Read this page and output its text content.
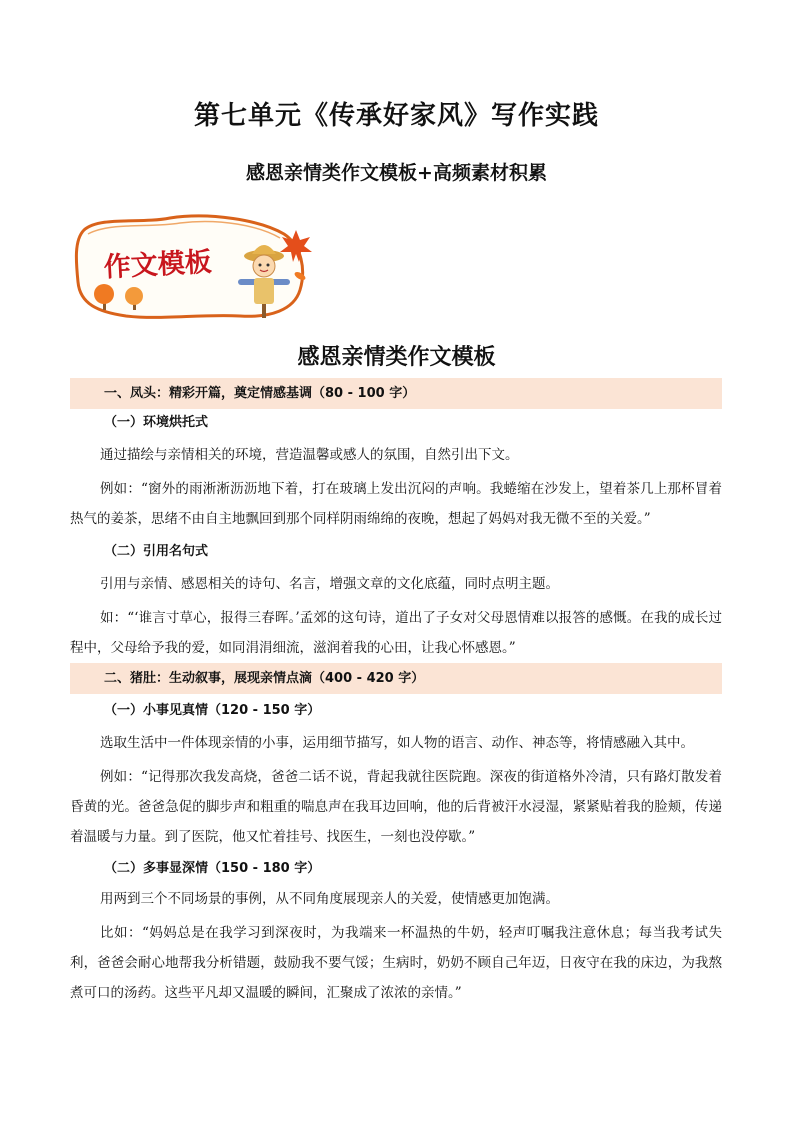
第七单元《传承好家风》写作实践
感恩亲情类作文模板+高频素材积累
作文模板
感恩亲情类作文模板
一、凤头：精彩开篇，奠定情感基调（80 - 100 字）
（一）环境烘托式

通过描绘与亲情相关的环境，营造温馨或感人的氛围，自然引出下文。

例如：“窗外的雨淅淅沥沥地下着，打在玻璃上发出沉闷的声响。我蜷缩在沙发上，望着茶几上那杯冒着热气的姜茶，思绪不由自主地飘回到那个同样阴雨绵绵的夜晚，想起了妈妈对我无微不至的关爱。”

（二）引用名句式

引用与亲情、感恩相关的诗句、名言，增强文章的文化底蕴，同时点明主题。

如：“‘谁言寸草心，报得三春晖。’孟郊的这句诗，道出了子女对父母恩情难以报答的感慨。在我的成长过程中，父母给予我的爱，如同涓涓细流，滋润着我的心田，让我心怀感恩。”

二、猪肚：生动叙事，展现亲情点滴（400 - 420 字）
（一）小事见真情（120 - 150 字）

选取生活中一件体现亲情的小事，运用细节描写，如人物的语言、动作、神态等，将情感融入其中。

例如：“记得那次我发高烧，爸爸二话不说，背起我就往医院跑。深夜的街道格外冷清，只有路灯散发着昏黄的光。爸爸急促的脚步声和粗重的喘息声在我耳边回响，他的后背被汗水浸湿，紧紧贴着我的脸颊，传递着温暖与力量。到了医院，他又忙着挂号、找医生，一刻也没停歇。”

（二）多事显深情（150 - 180 字）

用两到三个不同场景的事例，从不同角度展现亲人的关爱，使情感更加饱满。

比如：“妈妈总是在我学习到深夜时，为我端来一杯温热的牛奶，轻声叮嘱我注意休息；每当我考试失利，爸爸会耐心地帮我分析错题，鼓励我不要气馁；生病时，奶奶不顾自己年迈，日夜守在我的床边，为我熬煮可口的汤药。这些平凡却又温暖的瞬间，汇聚成了浓浓的亲情。”
